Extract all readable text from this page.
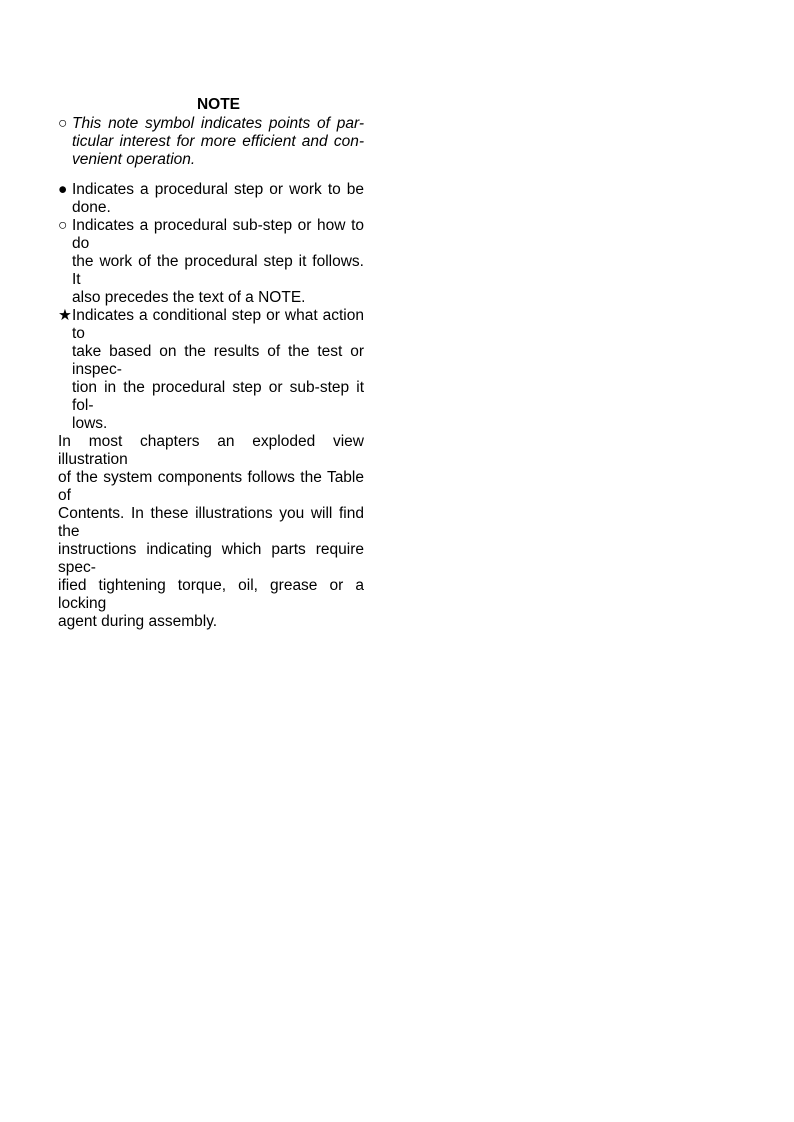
NOTE
○ This note symbol indicates points of par-
ticular interest for more efficient and con-
venient operation.
● Indicates a procedural step or work to be
done.
○ Indicates a procedural sub-step or how to do
the work of the procedural step it follows. It
also precedes the text of a NOTE.
★ Indicates a conditional step or what action to
take based on the results of the test or inspec-
tion in the procedural step or sub-step it fol-
lows.
In most chapters an exploded view illustration
of the system components follows the Table of
Contents. In these illustrations you will find the
instructions indicating which parts require spec-
ified tightening torque, oil, grease or a locking
agent during assembly.
